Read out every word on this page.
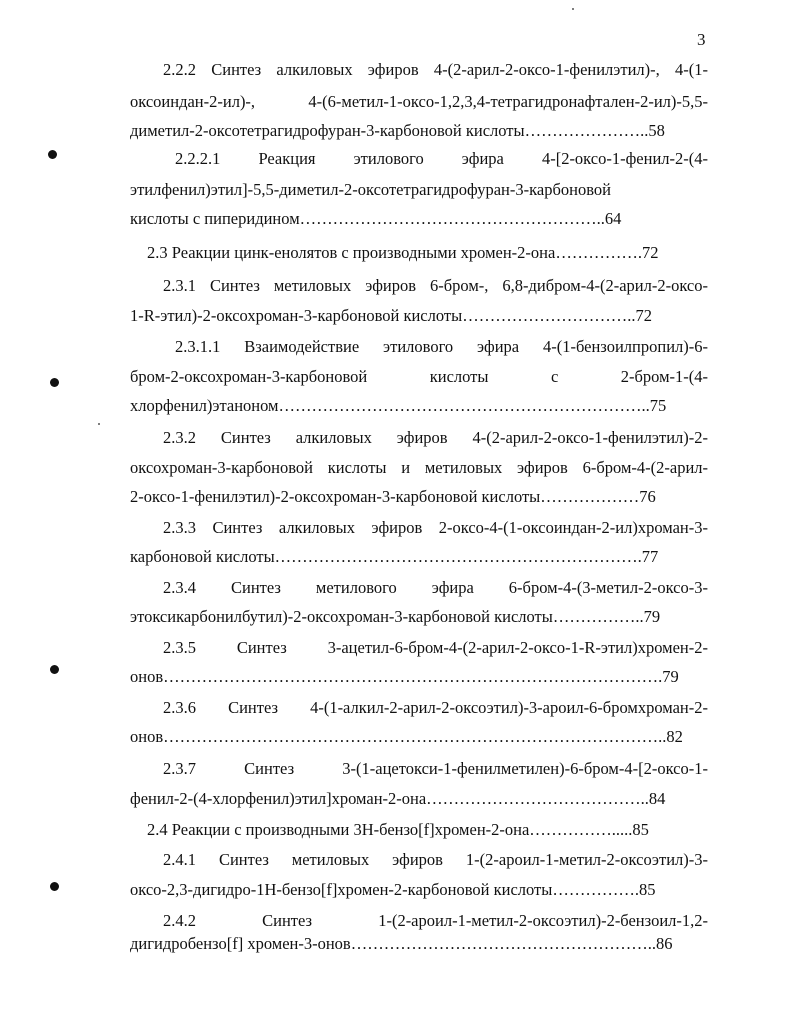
3
2.2.2 Синтез алкиловых эфиров 4-(2-арил-2-оксо-1-фенилэтил)-, 4-(1-
оксоиндан-2-ил)-, 4-(6-метил-1-оксо-1,2,3,4-тетрагидронафтален-2-ил)-5,5-
диметил-2-оксотетрагидрофуран-3-карбоновой кислоты…………………..58
2.2.2.1 Реакция этилового эфира 4-[2-оксо-1-фенил-2-(4-
этилфенил)этил]-5,5-диметил-2-оксотетрагидрофуран-3-карбоновой
кислоты с пиперидином………………………………………………..64
2.3 Реакции цинк-енолятов с производными хромен-2-она…………….72
2.3.1 Синтез метиловых эфиров 6-бром-, 6,8-дибром-4-(2-арил-2-оксо-
1-R-этил)-2-оксохроман-3-карбоновой кислоты…………………………..72
2.3.1.1 Взаимодействие этилового эфира 4-(1-бензоилпропил)-6-
бром-2-оксохроман-3-карбоновой кислоты с 2-бром-1-(4-
хлорфенил)этаноном…………………………………………………………..75
2.3.2 Синтез алкиловых эфиров 4-(2-арил-2-оксо-1-фенилэтил)-2-
оксохроман-3-карбоновой кислоты и метиловых эфиров 6-бром-4-(2-арил-
2-оксо-1-фенилэтил)-2-оксохроман-3-карбоновой кислоты………………76
2.3.3 Синтез алкиловых эфиров 2-оксо-4-(1-оксоиндан-2-ил)хроман-3-
карбоновой кислоты………………………………………………………….77
2.3.4 Синтез метилового эфира 6-бром-4-(3-метил-2-оксо-3-
этоксикарбонилбутил)-2-оксохроман-3-карбоновой кислоты……………..79
2.3.5 Синтез 3-ацетил-6-бром-4-(2-арил-2-оксо-1-R-этил)хромен-2-
онов……………………………………………………………………………….79
2.3.6 Синтез 4-(1-алкил-2-арил-2-оксоэтил)-3-ароил-6-бромхроман-2-
онов………………………………………………………………………………..82
2.3.7 Синтез 3-(1-ацетокси-1-фенилметилен)-6-бром-4-[2-оксо-1-
фенил-2-(4-хлорфенил)этил]хроман-2-она…………………………………..84
2.4 Реакции с производными 3Н-бензо[f]хромен-2-она…………….....85
2.4.1 Синтез метиловых эфиров 1-(2-ароил-1-метил-2-оксоэтил)-3-
оксо-2,3-дигидро-1Н-бензо[f]хромен-2-карбоновой кислоты…………….85
2.4.2 Синтез 1-(2-ароил-1-метил-2-оксоэтил)-2-бензоил-1,2-
дигидробензо[f] хромен-3-онов………………………………………………..86
